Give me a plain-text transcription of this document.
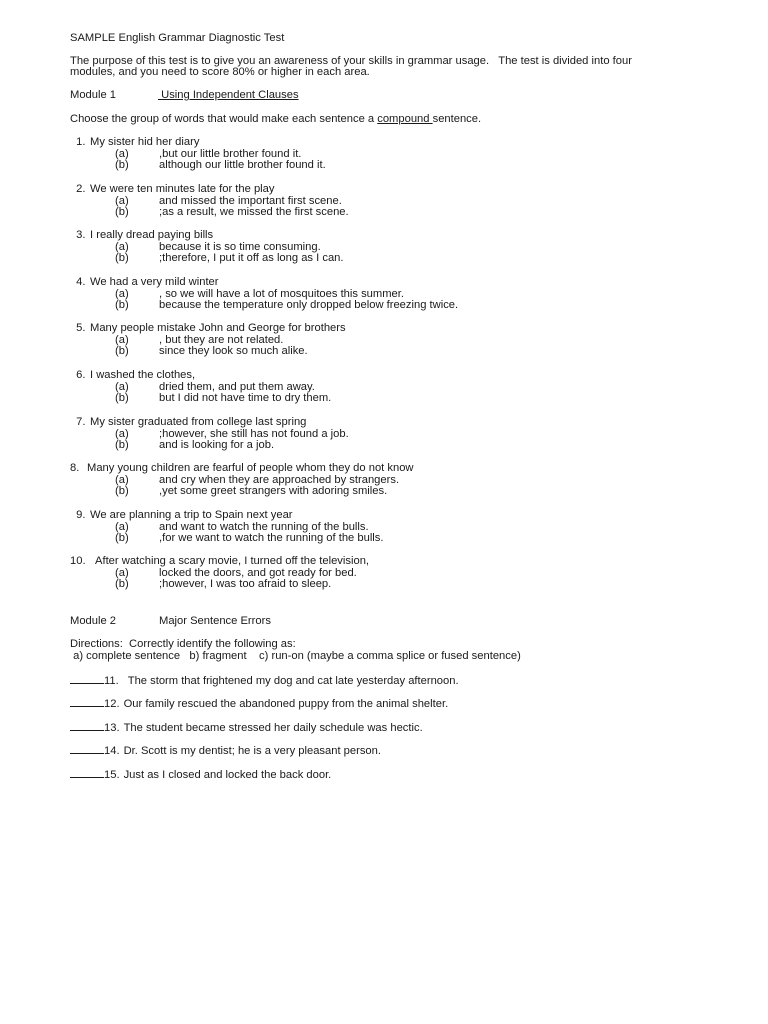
SAMPLE English Grammar Diagnostic Test
The purpose of this test is to give you an awareness of your skills in grammar usage.   The test is divided into four
modules, and you need to score 80% or higher in each area.
Module 1	Using Independent Clauses
Choose the group of words that would make each sentence a compound sentence.
1. My sister hid her diary
(a)	,but our little brother found it.
(b)	although our little brother found it.
2. We were ten minutes late for the play
(a)	and missed the important first scene.
(b)	;as a result, we missed the first scene.
3. I really dread paying bills
(a)	because it is so time consuming.
(b)	;therefore, I put it off as long as I can.
4. We had a very mild winter
(a)	, so we will have a lot of mosquitoes this summer.
(b)	because the temperature only dropped below freezing twice.
5. Many people mistake John and George for brothers
(a)	, but they are not related.
(b)	since they look so much alike.
6. I washed the clothes,
(a)	dried them, and put them away.
(b)	but I did not have time to dry them.
7. My sister graduated from college last spring
(a)	;however, she still has not found a job.
(b)	and is looking for a job.
8. Many young children are fearful of people whom they do not know
(a)	and cry when they are approached by strangers.
(b)	,yet some greet strangers with adoring smiles.
9. We are planning a trip to Spain next year
(a)	and want to watch the running of the bulls.
(b)	,for we want to watch the running of the bulls.
10. After watching a scary movie, I turned off the television,
(a)	locked the doors, and got ready for bed.
(b)	;however, I was too afraid to sleep.
Module 2	Major Sentence Errors
Directions:  Correctly identify the following as:
a) complete sentence   b) fragment    c) run-on (maybe a comma splice or fused sentence)
11. The storm that frightened my dog and cat late yesterday afternoon.
12. Our family rescued the abandoned puppy from the animal shelter.
13. The student became stressed her daily schedule was hectic.
14. Dr. Scott is my dentist; he is a very pleasant person.
15. Just as I closed and locked the back door.
